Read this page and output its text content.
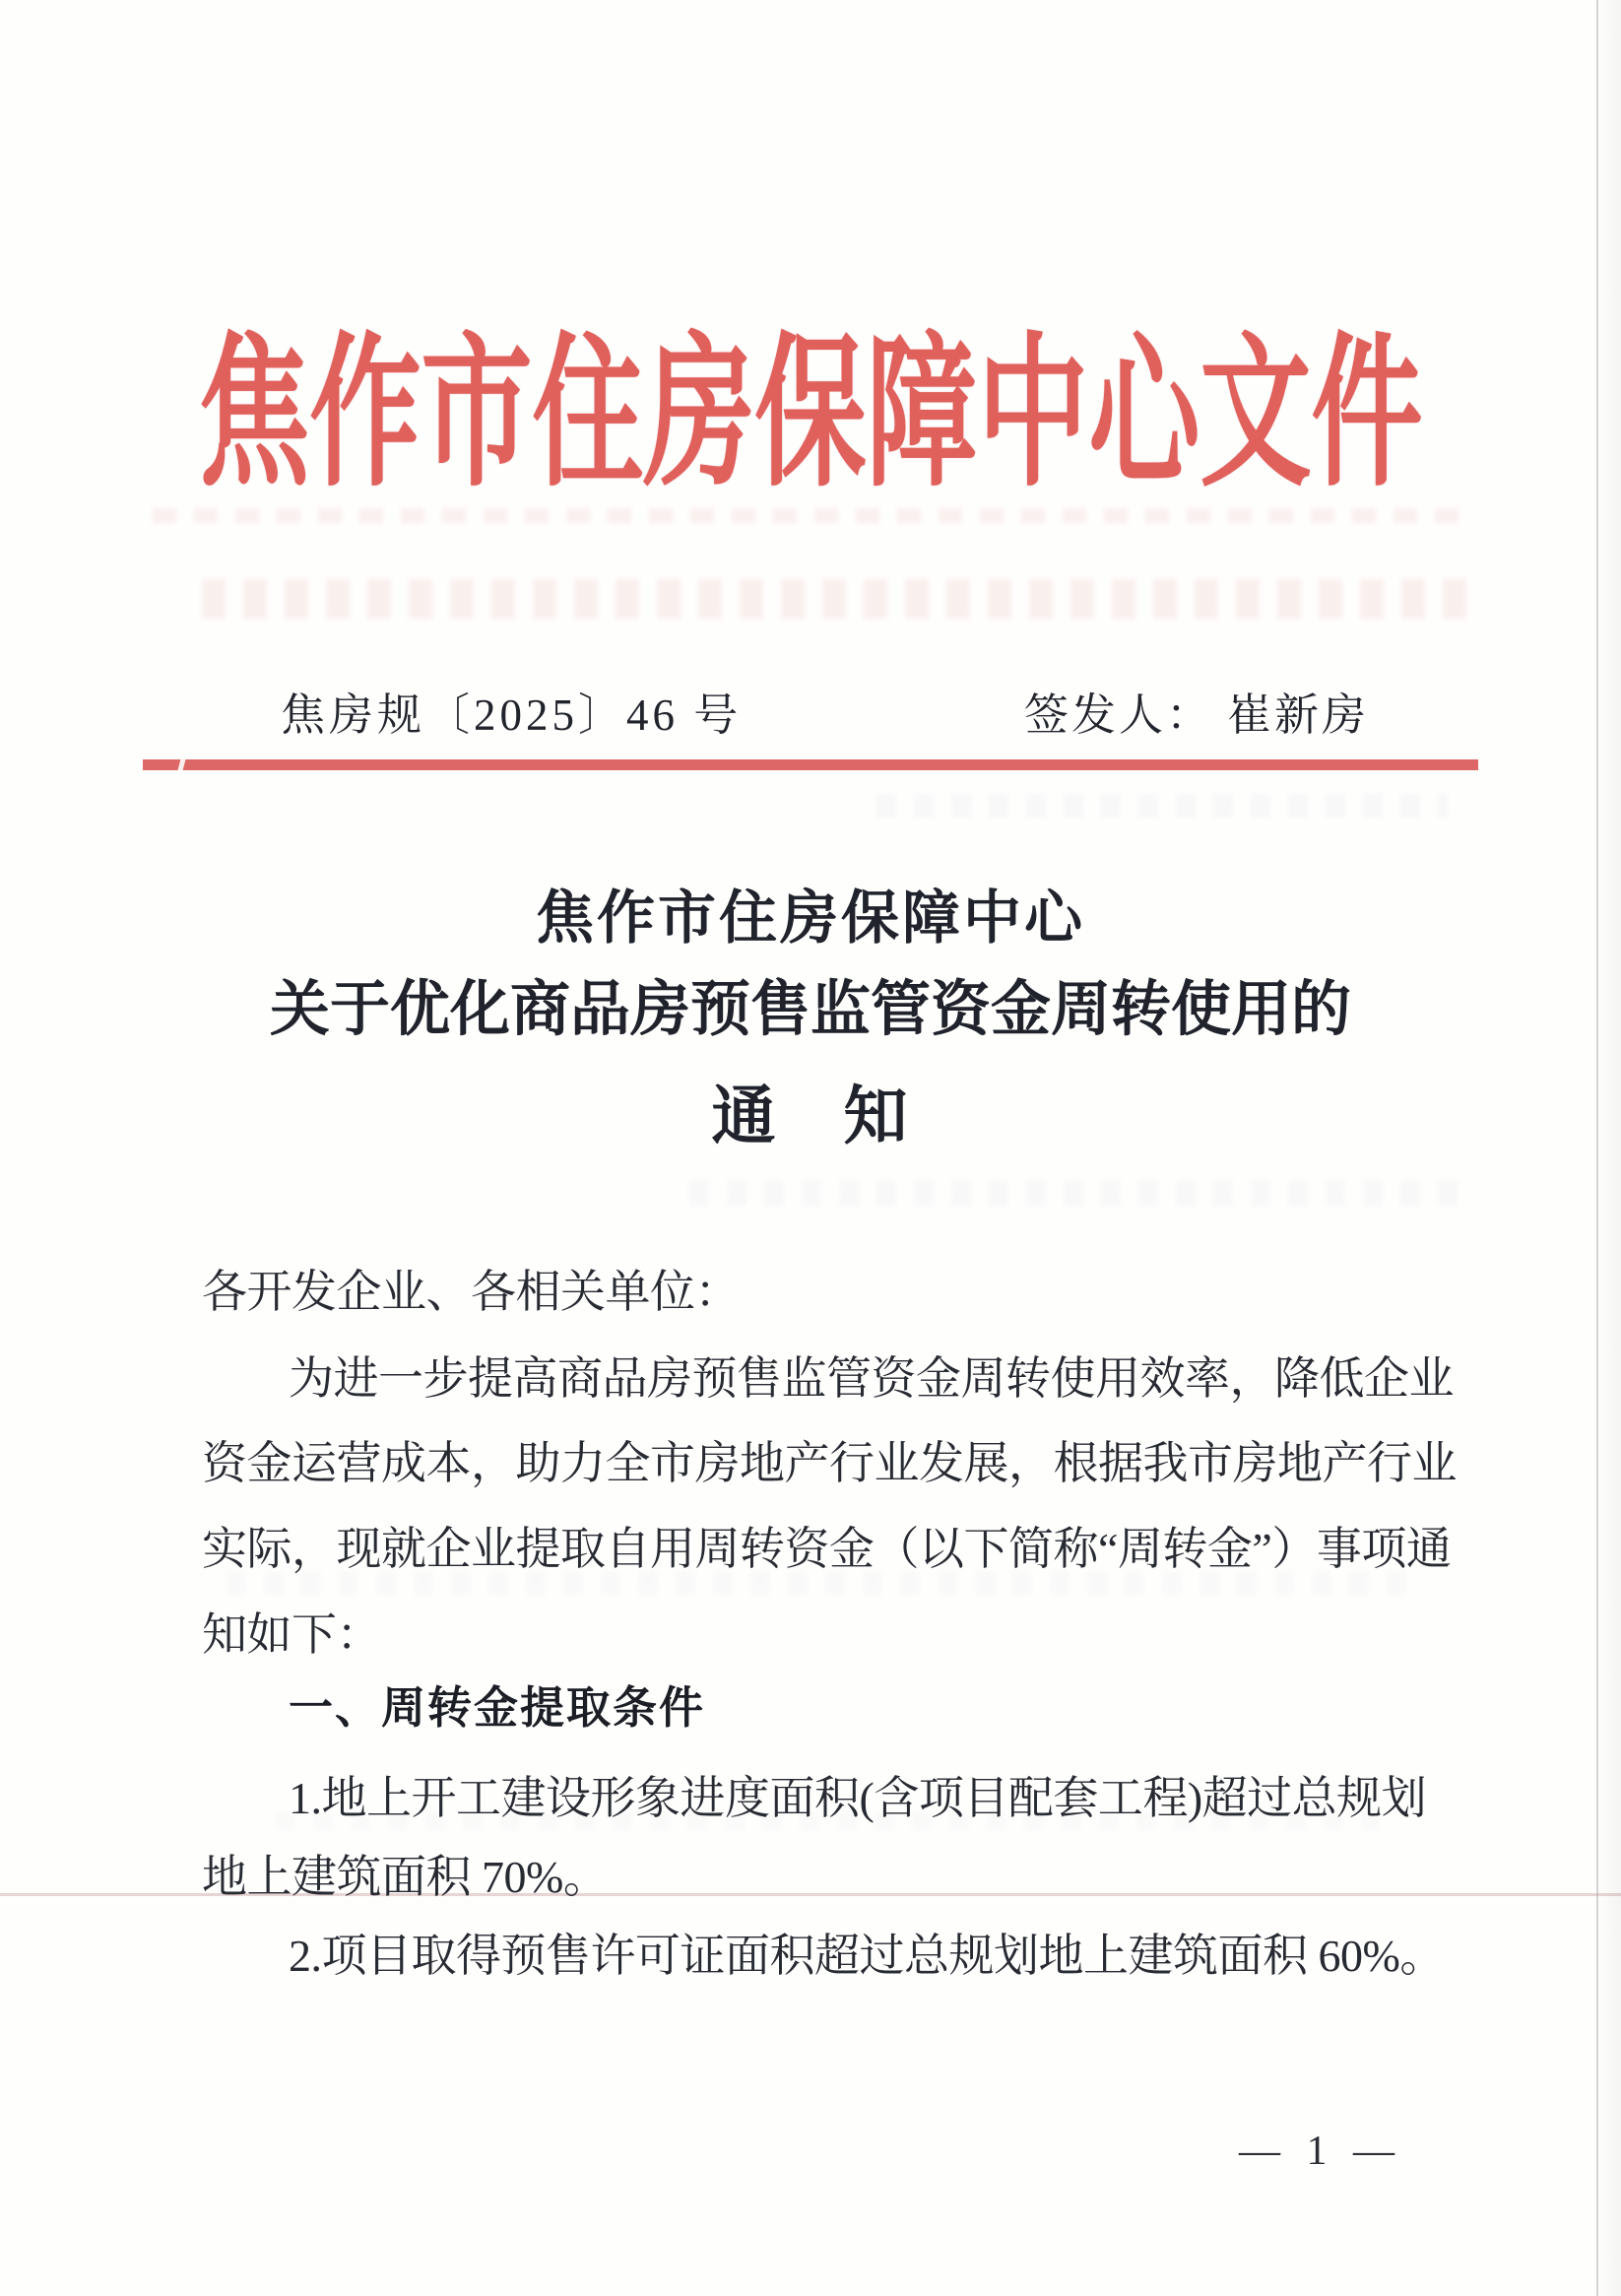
焦作市住房保障中心文件
焦房规〔2025〕46 号	签发人： 崔新房
焦作市住房保障中心
关于优化商品房预售监管资金周转使用的
通　知
各开发企业、各相关单位：
为进一步提高商品房预售监管资金周转使用效率，降低企业
资金运营成本，助力全市房地产行业发展，根据我市房地产行业
实际，现就企业提取自用周转资金（以下简称“周转金”）事项通
知如下：
一、周转金提取条件
1.地上开工建设形象进度面积(含项目配套工程)超过总规划
地上建筑面积 70%。
2.项目取得预售许可证面积超过总规划地上建筑面积 60%。
— 1 —
